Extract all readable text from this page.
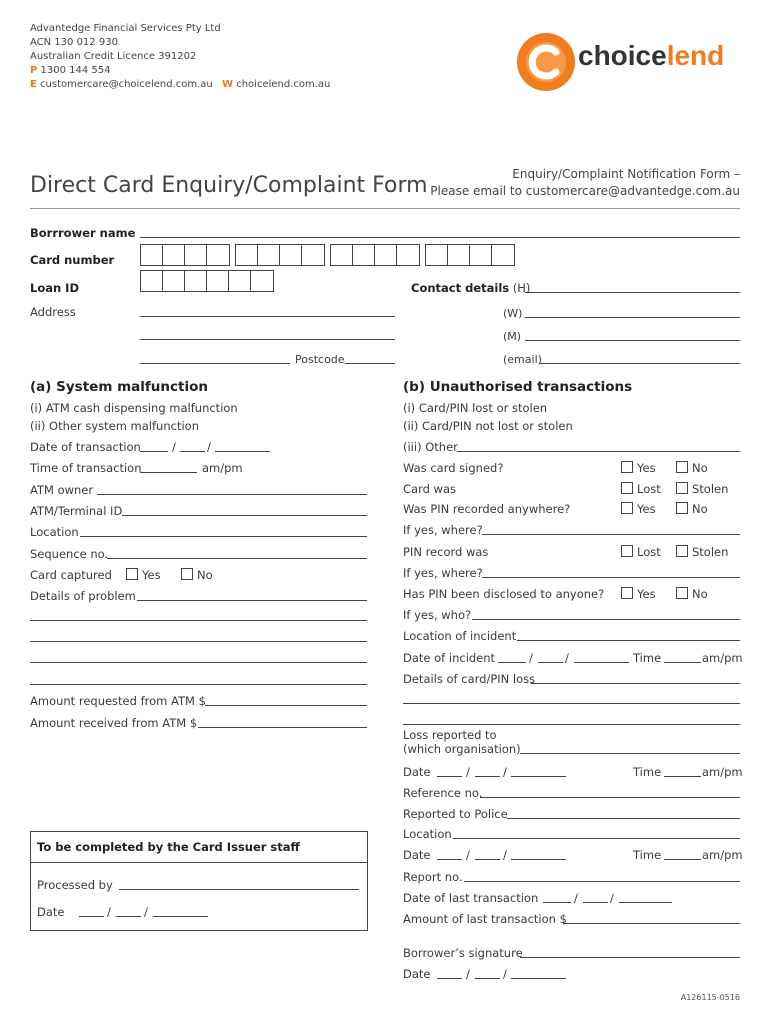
Advantedge Financial Services Pty Ltd
ACN 130 012 930
Australian Credit Licence 391202
P 1300 144 554
E customercare@choicelend.com.au W choicelend.com.au
choicelend
Direct Card Enquiry/Complaint Form	Enquiry/Complaint Notification Form –
Please email to customercare@advantedge.com.au
Borrrower name
Card number
Loan ID	Contact details (H)
Address
Postcode
(W)
(M)
(email)
(a) System malfunction
(i) ATM cash dispensing malfunction
(ii) Other system malfunction
Date of transaction	/	/
Time of transaction	am/pm
ATM owner
ATM/Terminal ID
Location
Sequence no.
Card captured	Yes	No
Details of problem
Amount requested from ATM $
Amount received from ATM $
To be completed by the Card Issuer staff
Processed by
Date	/	/
(b) Unauthorised transactions
(i) Card/PIN lost or stolen
(ii) Card/PIN not lost or stolen
(iii) Other
Was card signed?	Yes	No
Card was	Lost	Stolen
Was PIN recorded anywhere?	Yes	No
If yes, where?
PIN record was	Lost	Stolen
If yes, where?
Has PIN been disclosed to anyone?	Yes	No
If yes, who?
Location of incident
Date of incident	/	/	Time	am/pm
Details of card/PIN loss
Loss reported to
(which organisation)
Date	/	/	Time	am/pm
Reference no.
Reported to Police
Location
Date	/	/	Time	am/pm
Report no.
Date of last transaction	/	/
Amount of last transaction $
Borrower’s signature
Date	/	/
A126115-0516
